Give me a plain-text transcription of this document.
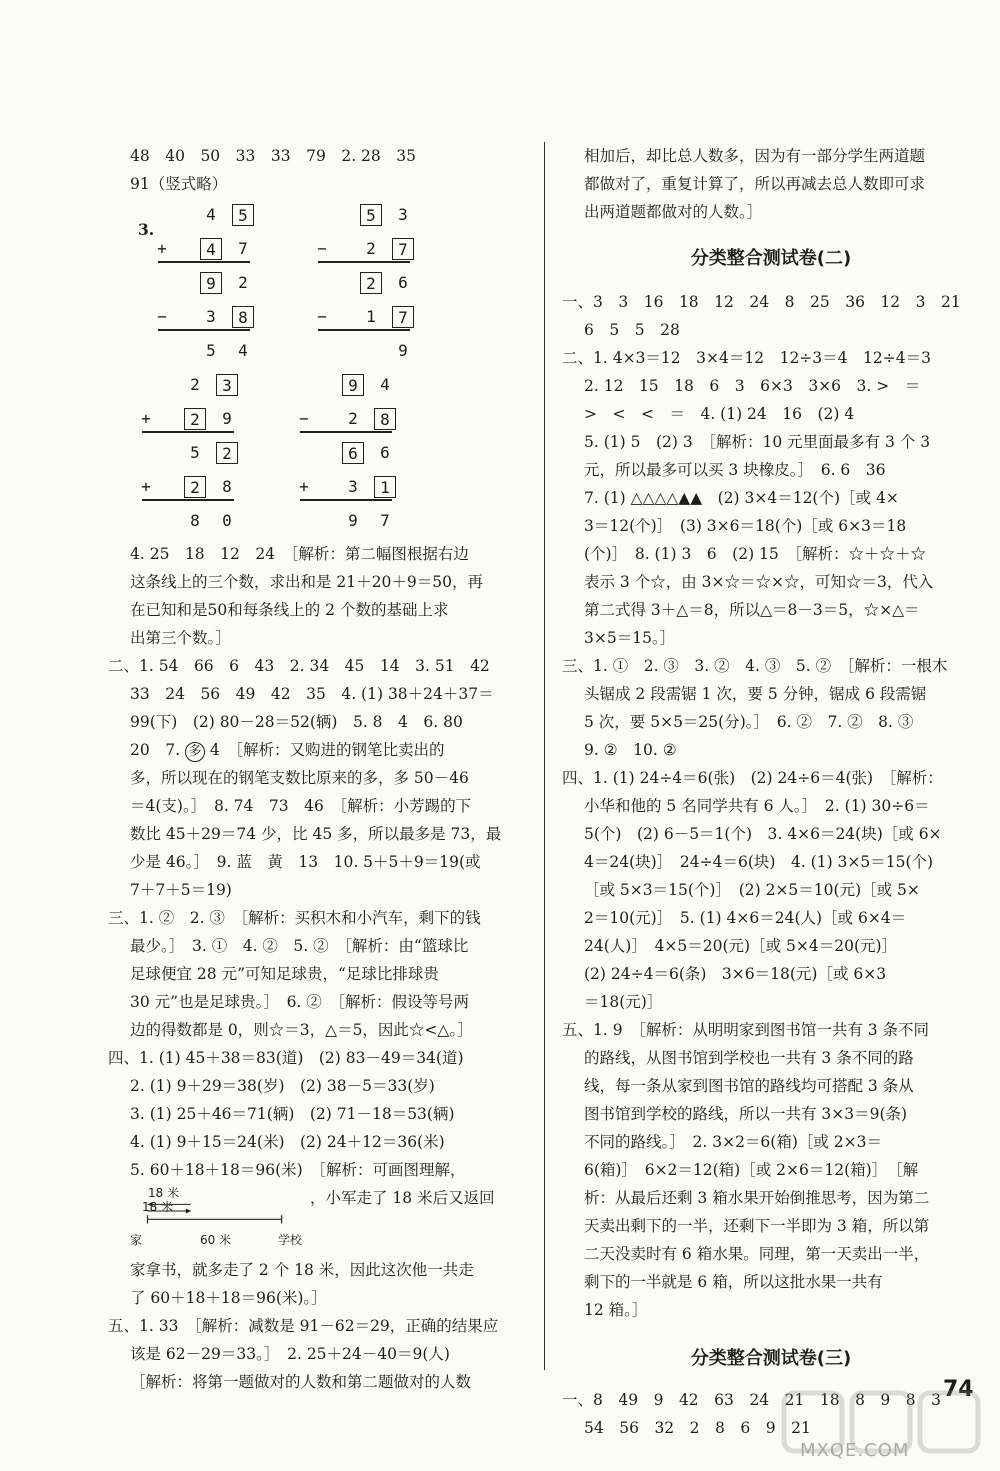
48　40　50　33　33　79　2. 28　35
91（竖式略）
3.
4	5
+	4	7
9	2
−	3	8
5	4
5	3
−	2	7
2	6
−	1	7
9
2	3
+	2	9
5	2
+	2	8
8	0
9	4
−	2	8
6	6
+	3	1
9	7
4. 25　18　12　24　［解析：第二幅图根据右边
这条线上的三个数，求出和是 21＋20＋9＝50，再
在已知和是50和每条线上的 2 个数的基础上求
出第三个数。］
二、1. 54　66　6　43　2. 34　45　14　3. 51　42
33　24　56　49　42　35　4. (1) 38＋24＋37＝
99(下)　(2) 80－28＝52(辆)　5. 8　4　6. 80
20　7. 多 4　［解析：又购进的钢笔比卖出的
多，所以现在的钢笔支数比原来的多，多 50－46
＝4(支)。］　8. 74　73　46　［解析：小芳踢的下
数比 45＋29＝74 少，比 45 多，所以最多是 73，最
少是 46。］　9. 蓝　黄　13　10. 5＋5＋9＝19(或
7＋7＋5＝19)
三、1. ②　2. ③　［解析：买积木和小汽车，剩下的钱
最少。］　3. ①　4. ②　5. ②　［解析：由“篮球比
足球便宜 28 元”可知足球贵，“足球比排球贵
30 元”也是足球贵。］　6. ②　［解析：假设等号两
边的得数都是 0，则☆＝3，△＝5，因此☆<△。］
四、1. (1) 45＋38＝83(道)　(2) 83－49＝34(道)
2. (1) 9＋29＝38(岁)　(2) 38－5＝33(岁)
3. (1) 25＋46＝71(辆)　(2) 71－18＝53(辆)
4. (1) 9＋15＝24(米)　(2) 24＋12＝36(米)
5. 60＋18＋18＝96(米)　［解析：可画图理解，
18 米
18 米
家	60 米	学校
，小军走了 18 米后又返回
家拿书，就多走了 2 个 18 米，因此这次他一共走
了 60＋18＋18＝96(米)。］
五、1. 33　［解析：减数是 91－62＝29，正确的结果应
该是 62－29＝33。］　2. 25＋24－40＝9(人)
［解析：将第一题做对的人数和第二题做对的人数
相加后，却比总人数多，因为有一部分学生两道题
都做对了，重复计算了，所以再减去总人数即可求
出两道题都做对的人数。］
分类整合测试卷(二)
一、3　3　16　18　12　24　8　25　36　12　3　21
6　5　5　28
二、1. 4×3＝12　3×4＝12　12÷3＝4　12÷4＝3
2. 12　15　18　6　3　6×3　3×6　3. >　＝
>　<　<　＝　4. (1) 24　16　(2) 4
5. (1) 5　(2) 3　［解析：10 元里面最多有 3 个 3
元，所以最多可以买 3 块橡皮。］　6. 6　36
7. (1) △△△△▲▲　(2) 3×4＝12(个)［或 4×
3＝12(个)］　(3) 3×6＝18(个)［或 6×3＝18
(个)］　8. (1) 3　6　(2) 15　［解析：☆＋☆＋☆
表示 3 个☆，由 3×☆＝☆×☆，可知☆＝3，代入
第二式得 3＋△＝8，所以△＝8－3＝5，☆×△＝
3×5＝15。］
三、1. ①　2. ③　3. ②　4. ③　5. ②　［解析：一根木
头锯成 2 段需锯 1 次，要 5 分钟，锯成 6 段需锯
5 次，要 5×5＝25(分)。］　6. ②　7. ②　8. ③
9. ②　10. ②
四、1. (1) 24÷4＝6(张)　(2) 24÷6＝4(张)　［解析：
小华和他的 5 名同学共有 6 人。］　2. (1) 30÷6＝
5(个)　(2) 6－5＝1(个)　3. 4×6＝24(块)［或 6×
4＝24(块)］　24÷4＝6(块)　4. (1) 3×5＝15(个)
［或 5×3＝15(个)］　(2) 2×5＝10(元)［或 5×
2＝10(元)］　5. (1) 4×6＝24(人)［或 6×4＝
24(人)］　4×5＝20(元)［或 5×4＝20(元)］
(2) 24÷4＝6(条)　3×6＝18(元)［或 6×3
＝18(元)］
五、1. 9　［解析：从明明家到图书馆一共有 3 条不同
的路线，从图书馆到学校也一共有 3 条不同的路
线，每一条从家到图书馆的路线均可搭配 3 条从
图书馆到学校的路线，所以一共有 3×3＝9(条)
不同的路线。］　2. 3×2＝6(箱)［或 2×3＝
6(箱)］　6×2＝12(箱)［或 2×6＝12(箱)］　［解
析：从最后还剩 3 箱水果开始倒推思考，因为第二
天卖出剩下的一半，还剩下一半即为 3 箱，所以第
二天没卖时有 6 箱水果。同理，第一天卖出一半，
剩下的一半就是 6 箱，所以这批水果一共有
12 箱。］
分类整合测试卷(三)
一、8　49　9　42　63　24　21　18　8　9　8　3
54　56　32　2　8　6　9　21
74
MXQE.COM
